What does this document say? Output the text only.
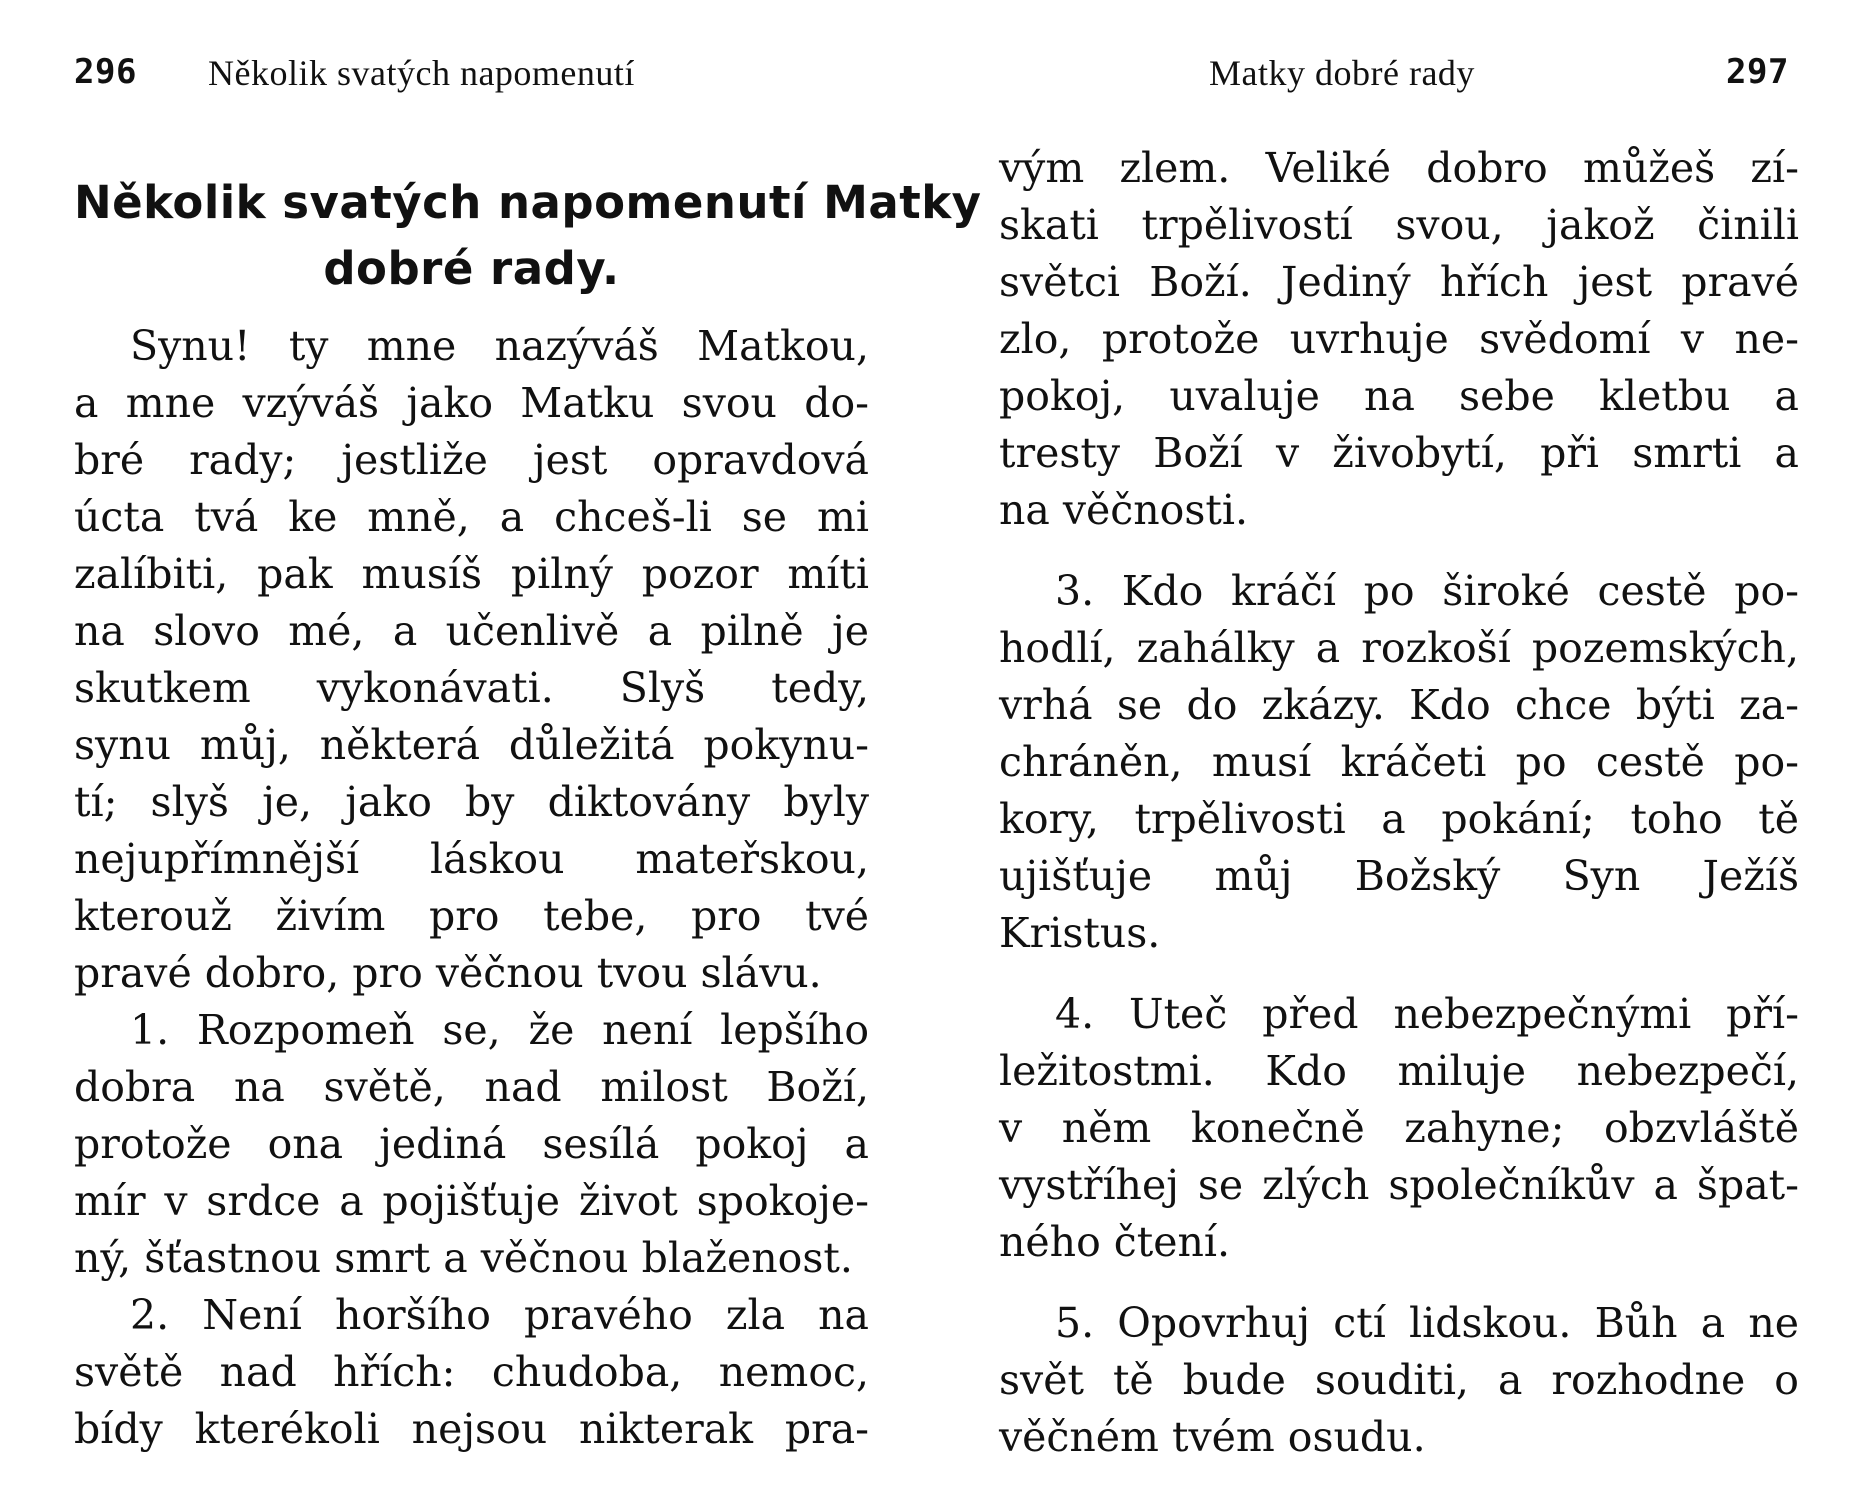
296 Několik svatých napomenutí
Několik svatých napomenutí Matky
dobré rady.
Synu! ty mne nazýváš Matkou,
a mne vzýváš jako Matku svou do-
bré rady; jestliže jest opravdová
úcta tvá ke mně, a chceš-li se mi
zalíbiti, pak musíš pilný pozor míti
na slovo mé, a učenlivě a pilně je
skutkem vykonávati. Slyš tedy,
synu můj, některá důležitá pokynu-
tí; slyš je, jako by diktovány byly
nejupřímnější láskou mateřskou,
kterouž živím pro tebe, pro tvé
pravé dobro, pro věčnou tvou slávu.
1. Rozpomeň se, že není lepšího
dobra na světě, nad milost Boží,
protože ona jediná sesílá pokoj a
mír v srdce a pojišťuje život spokoje-
ný, šťastnou smrt a věčnou blaženost.
2. Není horšího pravého zla na
světě nad hřích: chudoba, nemoc,
bídy kterékoli nejsou nikterak pra-
Matky dobré rady	297
vým zlem. Veliké dobro můžeš zí-
skati trpělivostí svou, jakož činili
světci Boží. Jediný hřích jest pravé
zlo, protože uvrhuje svědomí v ne-
pokoj, uvaluje na sebe kletbu a
tresty Boží v živobytí, při smrti a
na věčnosti.
3. Kdo kráčí po široké cestě po-
hodlí, zahálky a rozkoší pozemských,
vrhá se do zkázy. Kdo chce býti za-
chráněn, musí kráčeti po cestě po-
kory, trpělivosti a pokání; toho tě
ujišťuje můj Božský Syn Ježíš
Kristus.
4. Uteč před nebezpečnými pří-
ležitostmi. Kdo miluje nebezpečí,
v něm konečně zahyne; obzvláště
vystříhej se zlých společníkův a špat-
ného čtení.
5. Opovrhuj ctí lidskou. Bůh a ne
svět tě bude souditi, a rozhodne o
věčném tvém osudu.
